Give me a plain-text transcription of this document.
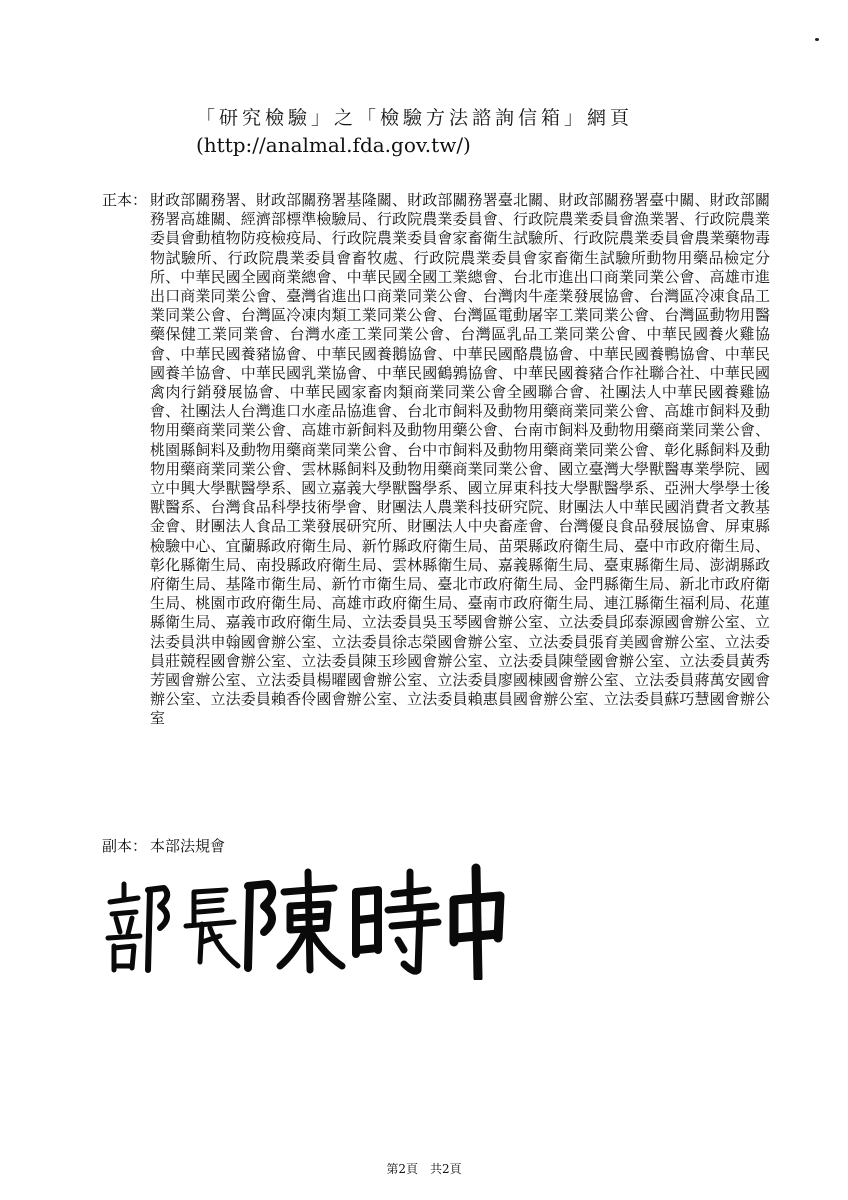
「研究檢驗」之「檢驗方法諮詢信箱」網頁
(http://analmal.fda.gov.tw/)
正本： 財政部關務署、財政部關務署基隆關、財政部關務署臺北關、財政部關務署臺中關、財政部關務署高雄關、經濟部標準檢驗局、行政院農業委員會、行政院農業委員會漁業署、行政院農業委員會動植物防疫檢疫局、行政院農業委員會家畜衛生試驗所、行政院農業委員會農業藥物毒物試驗所、行政院農業委員會畜牧處、行政院農業委員會家畜衛生試驗所動物用藥品檢定分所、中華民國全國商業總會、中華民國全國工業總會、台北市進出口商業同業公會、高雄市進出口商業同業公會、臺灣省進出口商業同業公會、台灣肉牛產業發展協會、台灣區冷凍食品工業同業公會、台灣區冷凍肉類工業同業公會、台灣區電動屠宰工業同業公會、台灣區動物用醫藥保健工業同業會、台灣水產工業同業公會、台灣區乳品工業同業公會、中華民國養火雞協會、中華民國養豬協會、中華民國養鵝協會、中華民國酪農協會、中華民國養鴨協會、中華民國養羊協會、中華民國乳業協會、中華民國鶴鶉協會、中華民國養豬合作社聯合社、中華民國禽肉行銷發展協會、中華民國家畜肉類商業同業公會全國聯合會、社團法人中華民國養雞協會、社團法人台灣進口水產品協進會、台北市飼料及動物用藥商業同業公會、高雄市飼料及動物用藥商業同業公會、高雄市新飼料及動物用藥公會、台南市飼料及動物用藥商業同業公會、桃園縣飼料及動物用藥商業同業公會、台中市飼料及動物用藥商業同業公會、彰化縣飼料及動物用藥商業同業公會、雲林縣飼料及動物用藥商業同業公會、國立臺灣大學獸醫專業學院、國立中興大學獸醫學系、國立嘉義大學獸醫學系、國立屏東科技大學獸醫學系、亞洲大學學士後獸醫系、台灣食品科學技術學會、財團法人農業科技研究院、財團法人中華民國消費者文教基金會、財團法人食品工業發展研究所、財團法人中央畜產會、台灣優良食品發展協會、屏東縣檢驗中心、宜蘭縣政府衛生局、新竹縣政府衛生局、苗栗縣政府衛生局、臺中市政府衛生局、彰化縣衛生局、南投縣政府衛生局、雲林縣衛生局、嘉義縣衛生局、臺東縣衛生局、澎湖縣政府衛生局、基隆市衛生局、新竹市衛生局、臺北市政府衛生局、金門縣衛生局、新北市政府衛生局、桃園市政府衛生局、高雄市政府衛生局、臺南市政府衛生局、連江縣衛生福利局、花蓮縣衛生局、嘉義市政府衛生局、立法委員吳玉琴國會辦公室、立法委員邱泰源國會辦公室、立法委員洪申翰國會辦公室、立法委員徐志榮國會辦公室、立法委員張育美國會辦公室、立法委員莊競程國會辦公室、立法委員陳玉珍國會辦公室、立法委員陳瑩國會辦公室、立法委員黃秀芳國會辦公室、立法委員楊曜國會辦公室、立法委員廖國棟國會辦公室、立法委員蔣萬安國會辦公室、立法委員賴香伶國會辦公室、立法委員賴惠員國會辦公室、立法委員蘇巧慧國會辦公室
副本： 本部法規會
部長陳時中
第2頁 共2頁
